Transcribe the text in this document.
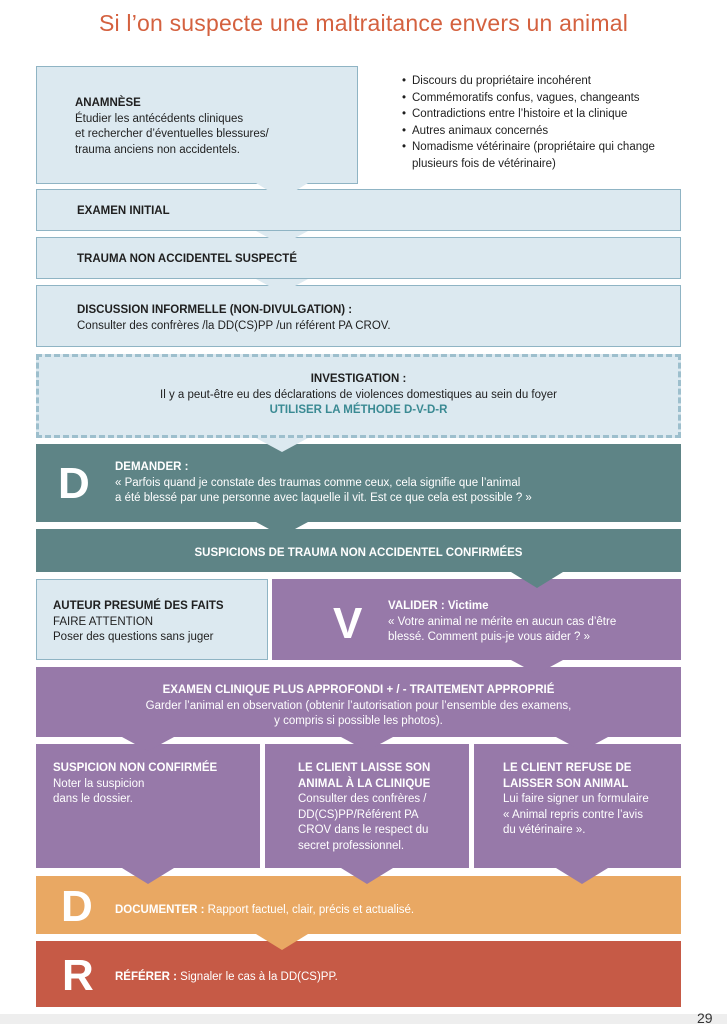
Si l’on suspecte une maltraitance envers un animal
ANAMNÈSE
Étudier les antécédents cliniques
et rechercher d’éventuelles blessures/
trauma anciens non accidentels.
• Discours du propriétaire incohérent
• Commémoratifs confus, vagues, changeants
• Contradictions entre l’histoire et la clinique
• Autres animaux concernés
• Nomadisme vétérinaire (propriétaire qui change plusieurs fois de vétérinaire)
EXAMEN INITIAL
TRAUMA NON ACCIDENTEL SUSPECTÉ
DISCUSSION INFORMELLE (NON-DIVULGATION) :
Consulter des confrères /la DD(CS)PP /un référent PA CROV.
INVESTIGATION :
Il y a peut-être eu des déclarations de violences domestiques au sein du foyer
UTILISER LA MÉTHODE D-V-D-R
D DEMANDER :
« Parfois quand je constate des traumas comme ceux, cela signifie que l’animal
a été blessé par une personne avec laquelle il vit. Est ce que cela est possible ? »
SUSPICIONS DE TRAUMA NON ACCIDENTEL CONFIRMÉES
AUTEUR PRESUMÉ DES FAITS
FAIRE ATTENTION
Poser des questions sans juger	V VALIDER : Victime
« Votre animal ne mérite en aucun cas d’être
blessé. Comment puis-je vous aider ? »
EXAMEN CLINIQUE PLUS APPROFONDI + / - TRAITEMENT APPROPRIÉ
Garder l’animal en observation (obtenir l’autorisation pour l’ensemble des examens,
y compris si possible les photos).
SUSPICION NON CONFIRMÉE
Noter la suspicion
dans le dossier.
LE CLIENT LAISSE SON
ANIMAL À LA CLINIQUE
Consulter des confrères /
DD(CS)PP/Référent PA
CROV dans le respect du
secret professionnel.
LE CLIENT REFUSE DE
LAISSER SON ANIMAL
Lui faire signer un formulaire
« Animal repris contre l’avis
du vétérinaire ».
D DOCUMENTER : Rapport factuel, clair, précis et actualisé.
R RÉFÉRER : Signaler le cas à la DD(CS)PP.
29
